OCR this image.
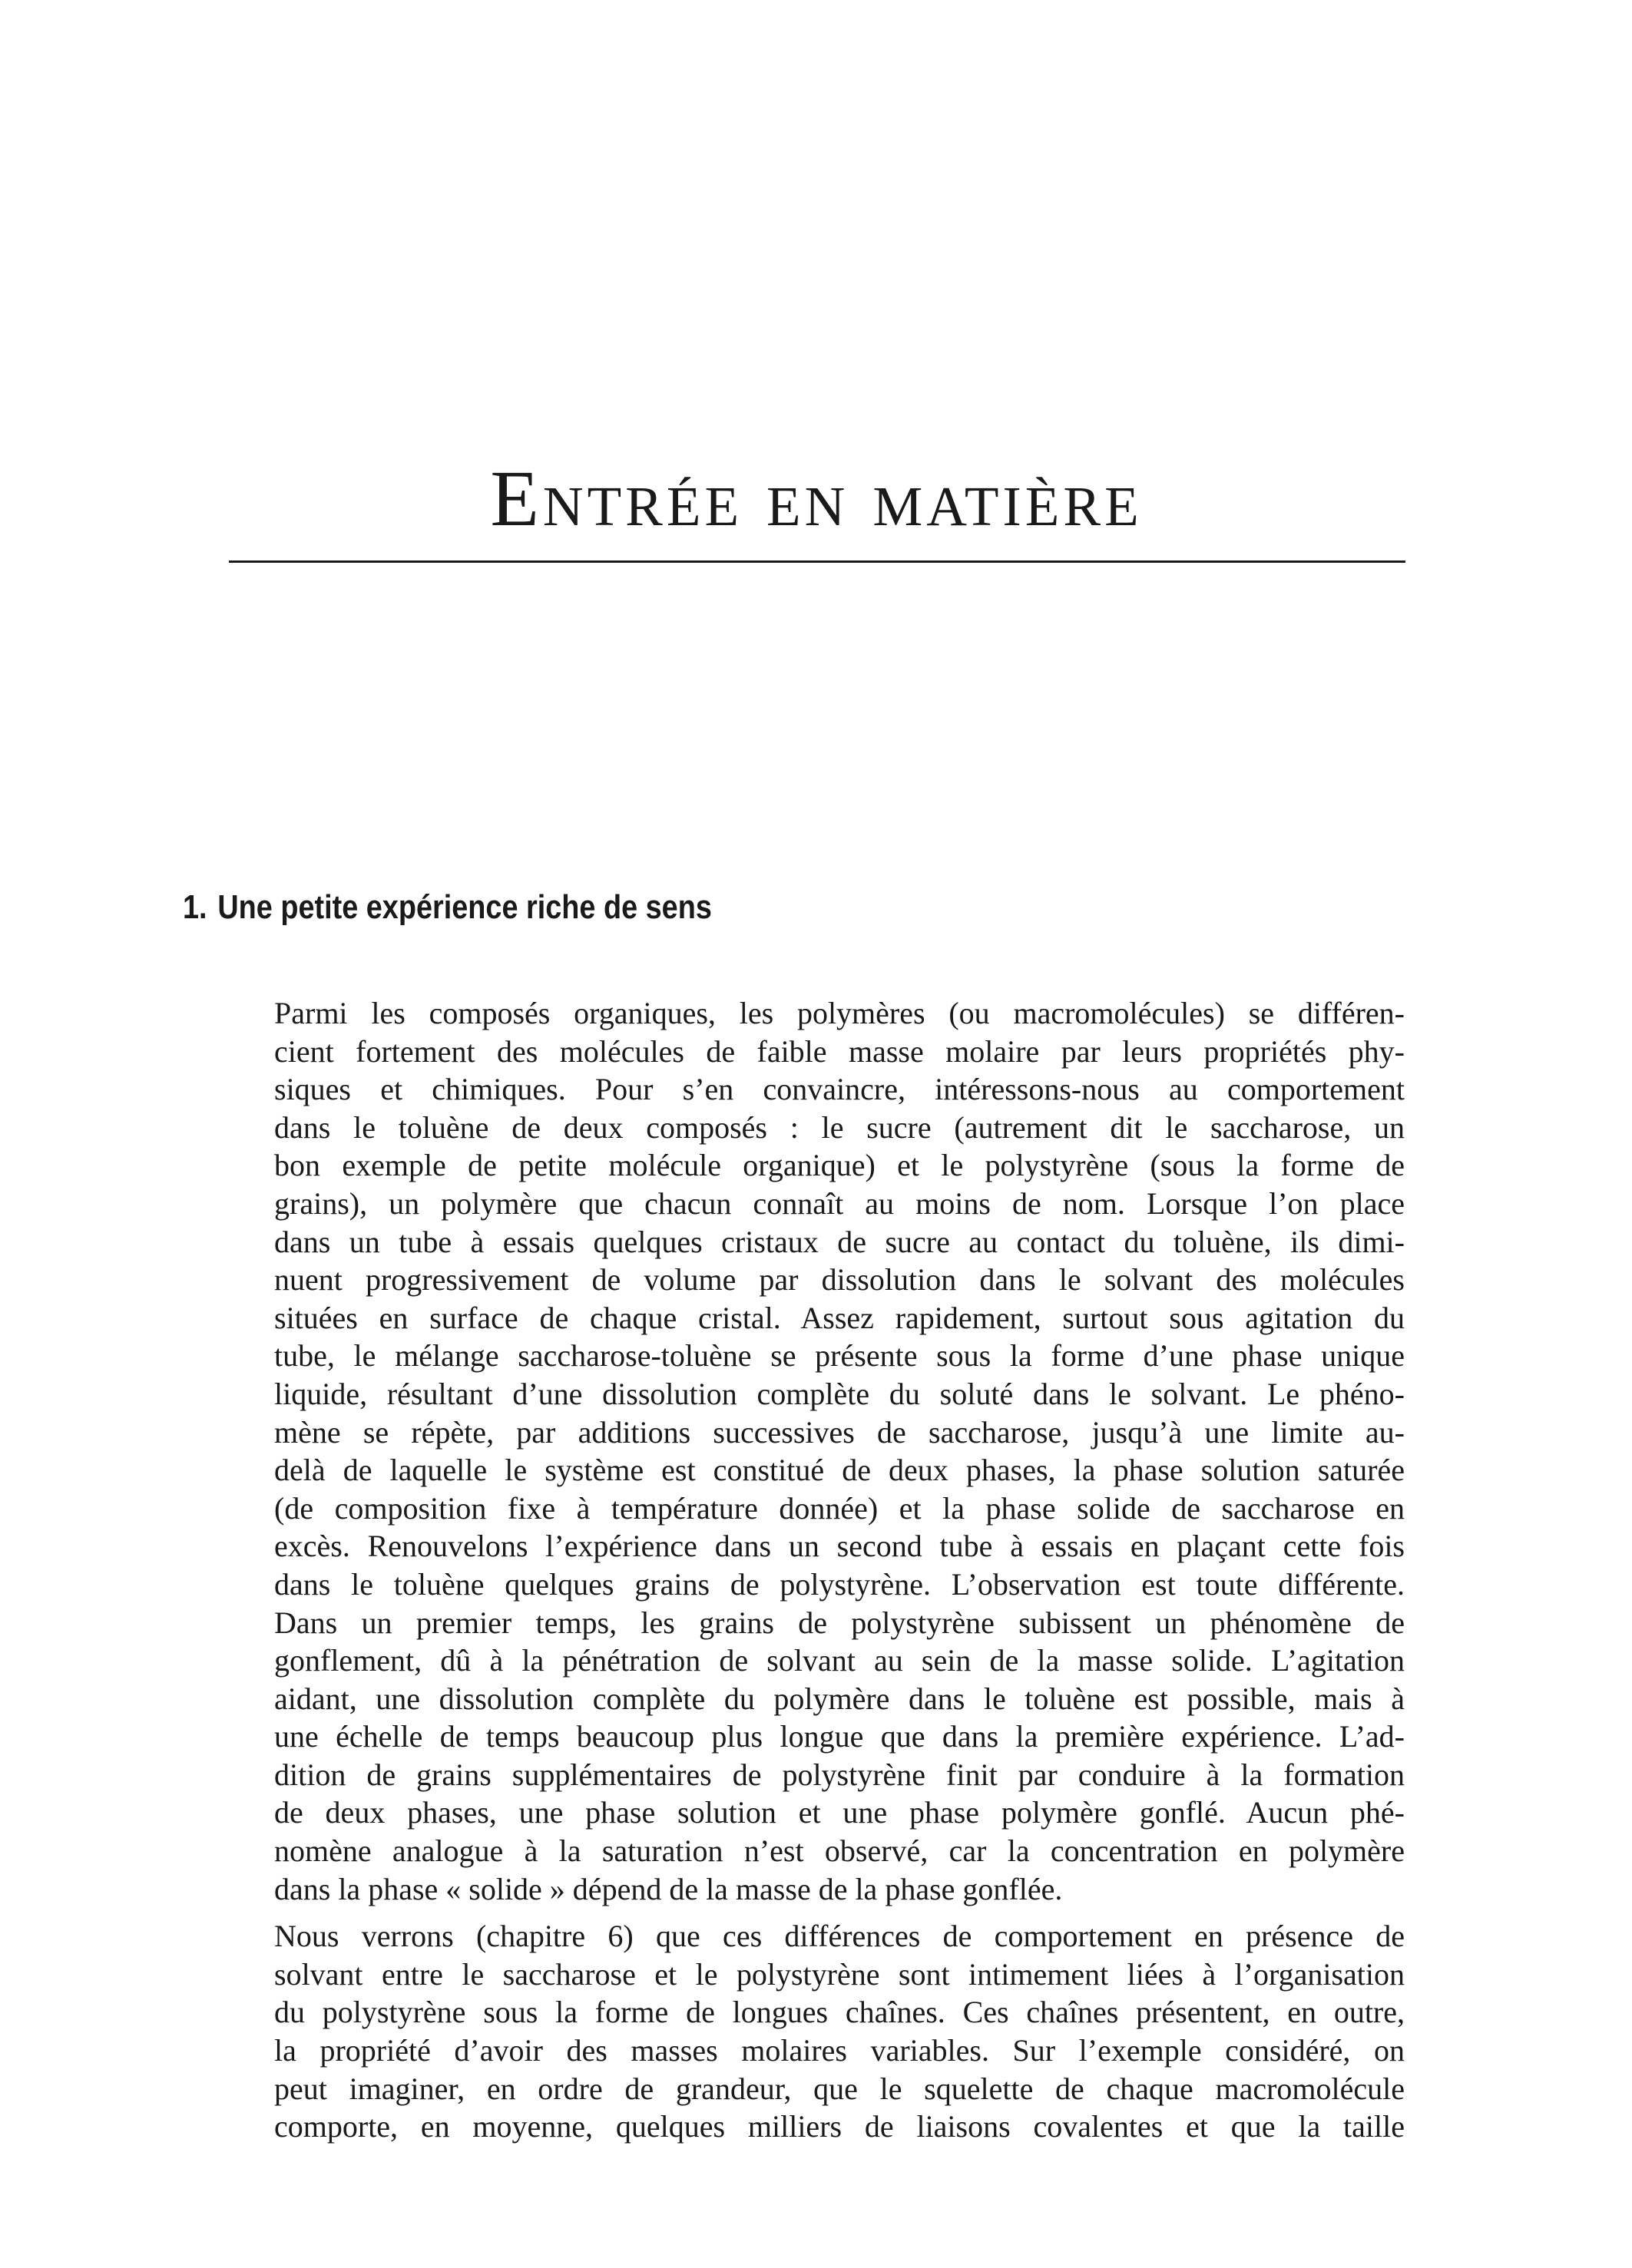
Entrée en matière
1. Une petite expérience riche de sens

Parmi les composés organiques, les polymères (ou macromolécules) se différen-
cient fortement des molécules de faible masse molaire par leurs propriétés phy-
siques et chimiques. Pour s’en convaincre, intéressons-nous au comportement
dans le toluène de deux composés : le sucre (autrement dit le saccharose, un
bon exemple de petite molécule organique) et le polystyrène (sous la forme de
grains), un polymère que chacun connaît au moins de nom. Lorsque l’on place
dans un tube à essais quelques cristaux de sucre au contact du toluène, ils dimi-
nuent progressivement de volume par dissolution dans le solvant des molécules
situées en surface de chaque cristal. Assez rapidement, surtout sous agitation du
tube, le mélange saccharose-toluène se présente sous la forme d’une phase unique
liquide, résultant d’une dissolution complète du soluté dans le solvant. Le phéno-
mène se répète, par additions successives de saccharose, jusqu’à une limite au-
delà de laquelle le système est constitué de deux phases, la phase solution saturée
(de composition fixe à température donnée) et la phase solide de saccharose en
excès. Renouvelons l’expérience dans un second tube à essais en plaçant cette fois
dans le toluène quelques grains de polystyrène. L’observation est toute différente.
Dans un premier temps, les grains de polystyrène subissent un phénomène de
gonflement, dû à la pénétration de solvant au sein de la masse solide. L’agitation
aidant, une dissolution complète du polymère dans le toluène est possible, mais à
une échelle de temps beaucoup plus longue que dans la première expérience. L’ad-
dition de grains supplémentaires de polystyrène finit par conduire à la formation
de deux phases, une phase solution et une phase polymère gonflé. Aucun phé-
nomène analogue à la saturation n’est observé, car la concentration en polymère
dans la phase « solide » dépend de la masse de la phase gonflée.

Nous verrons (chapitre 6) que ces différences de comportement en présence de
solvant entre le saccharose et le polystyrène sont intimement liées à l’organisation
du polystyrène sous la forme de longues chaînes. Ces chaînes présentent, en outre,
la propriété d’avoir des masses molaires variables. Sur l’exemple considéré, on
peut imaginer, en ordre de grandeur, que le squelette de chaque macromolécule
comporte, en moyenne, quelques milliers de liaisons covalentes et que la taille
